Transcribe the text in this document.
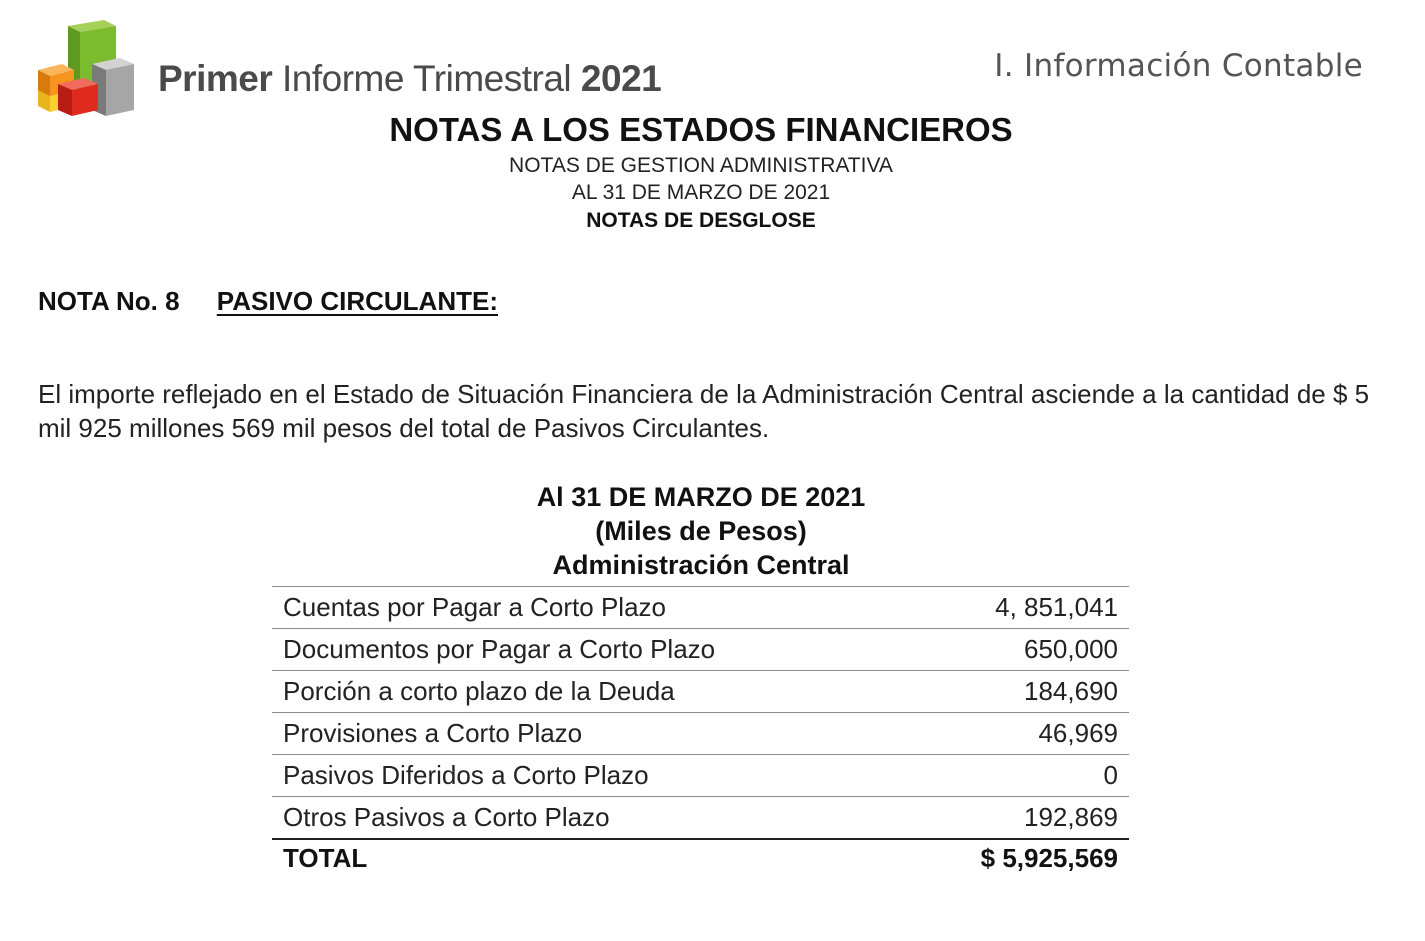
Primer Informe Trimestral 2021	I. Información Contable
NOTAS A LOS ESTADOS FINANCIEROS
NOTAS DE GESTION ADMINISTRATIVA
AL 31 DE MARZO DE 2021
NOTAS DE DESGLOSE
NOTA No. 8 PASIVO CIRCULANTE:

El importe reflejado en el Estado de Situación Financiera de la Administración Central asciende a la cantidad de $ 5 mil 925 millones 569 mil pesos del total de Pasivos Circulantes.

Al 31 DE MARZO DE 2021
(Miles de Pesos)
Administración Central
Cuentas por Pagar a Corto Plazo	4, 851,041
Documentos por Pagar a Corto Plazo	650,000
Porción a corto plazo de la Deuda	184,690
Provisiones a Corto Plazo	46,969
Pasivos Diferidos a Corto Plazo	0
Otros Pasivos a Corto Plazo	192,869
TOTAL	$ 5,925,569
